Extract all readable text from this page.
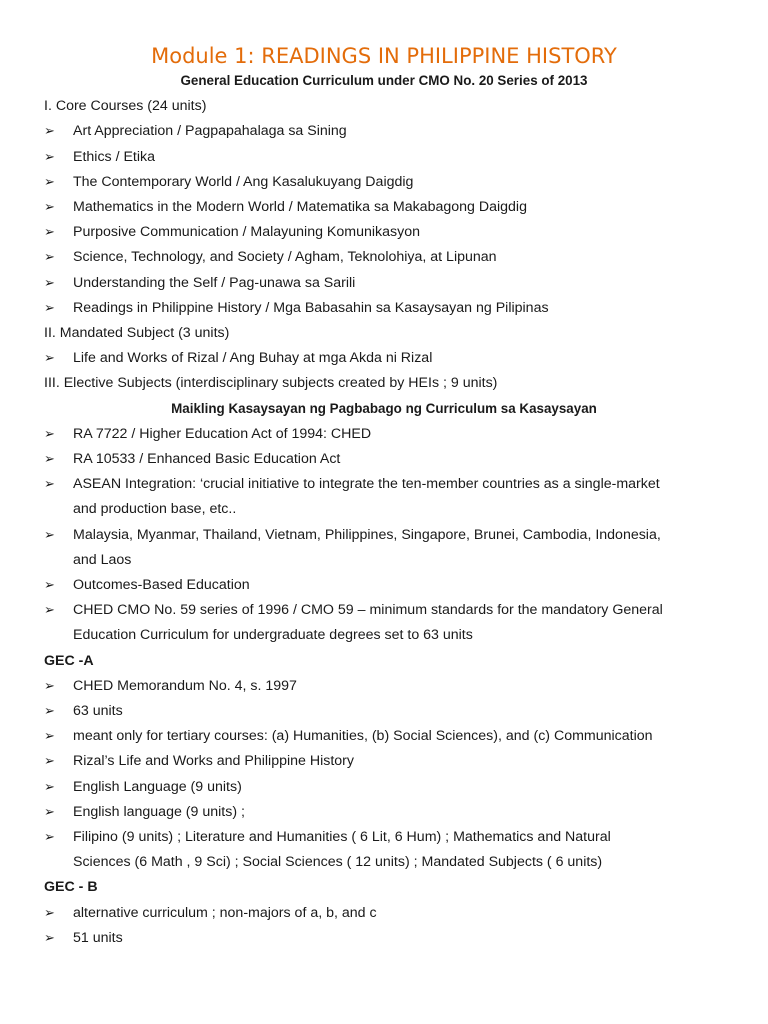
Module 1: READINGS IN PHILIPPINE HISTORY
General Education Curriculum under CMO No. 20 Series of 2013
I. Core Courses (24 units)
➢ Art Appreciation / Pagpapahalaga sa Sining
➢ Ethics / Etika
➢ The Contemporary World / Ang Kasalukuyang Daigdig
➢ Mathematics in the Modern World / Matematika sa Makabagong Daigdig
➢ Purposive Communication / Malayuning Komunikasyon
➢ Science, Technology, and Society / Agham, Teknolohiya, at Lipunan
➢ Understanding the Self / Pag-unawa sa Sarili
➢ Readings in Philippine History / Mga Babasahin sa Kasaysayan ng Pilipinas
II. Mandated Subject (3 units)
➢ Life and Works of Rizal / Ang Buhay at mga Akda ni Rizal
III. Elective Subjects (interdisciplinary subjects created by HEIs ; 9 units)
Maikling Kasaysayan ng Pagbabago ng Curriculum sa Kasaysayan
➢ RA 7722 / Higher Education Act of 1994: CHED
➢ RA 10533 / Enhanced Basic Education Act
➢ ASEAN Integration: ‘crucial initiative to integrate the ten-member countries as a single-market
and production base, etc..
➢ Malaysia, Myanmar, Thailand, Vietnam, Philippines, Singapore, Brunei, Cambodia, Indonesia,
and Laos
➢ Outcomes-Based Education
➢ CHED CMO No. 59 series of 1996 / CMO 59 – minimum standards for the mandatory General
Education Curriculum for undergraduate degrees set to 63 units
GEC -A
➢ CHED Memorandum No. 4, s. 1997
➢ 63 units
➢ meant only for tertiary courses: (a) Humanities, (b) Social Sciences), and (c) Communication
➢ Rizal’s Life and Works and Philippine History
➢ English Language (9 units)
➢ English language (9 units) ;
➢ Filipino (9 units) ; Literature and Humanities ( 6 Lit, 6 Hum) ; Mathematics and Natural
Sciences (6 Math , 9 Sci) ; Social Sciences ( 12 units) ; Mandated Subjects ( 6 units)
GEC - B
➢ alternative curriculum ; non-majors of a, b, and c
➢ 51 units
